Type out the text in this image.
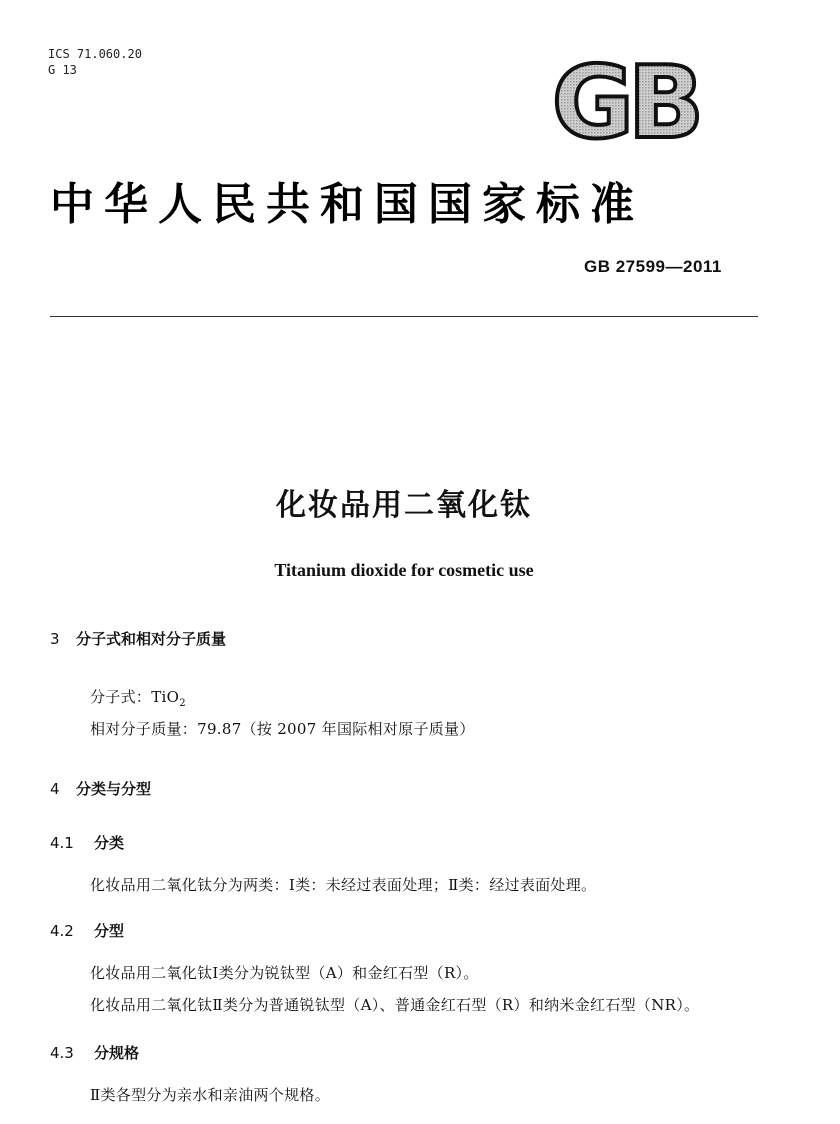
ICS 71.060.20
G 13	GB
中华人民共和国国家标准
GB 27599—2011
化妆品用二氧化钛
Titanium dioxide for cosmetic use
3 分子式和相对分子质量
分子式：TiO$_2$
相对分子质量：79.87（按 2007 年国际相对原子质量）
4 分类与分型
4.1 分类
化妆品用二氧化钛分为两类：Ⅰ类：未经过表面处理；Ⅱ类：经过表面处理。
4.2 分型
化妆品用二氧化钛Ⅰ类分为锐钛型（A）和金红石型（R）。
化妆品用二氧化钛Ⅱ类分为普通锐钛型（A）、普通金红石型（R）和纳米金红石型（NR）。
4.3 分规格
Ⅱ类各型分为亲水和亲油两个规格。
